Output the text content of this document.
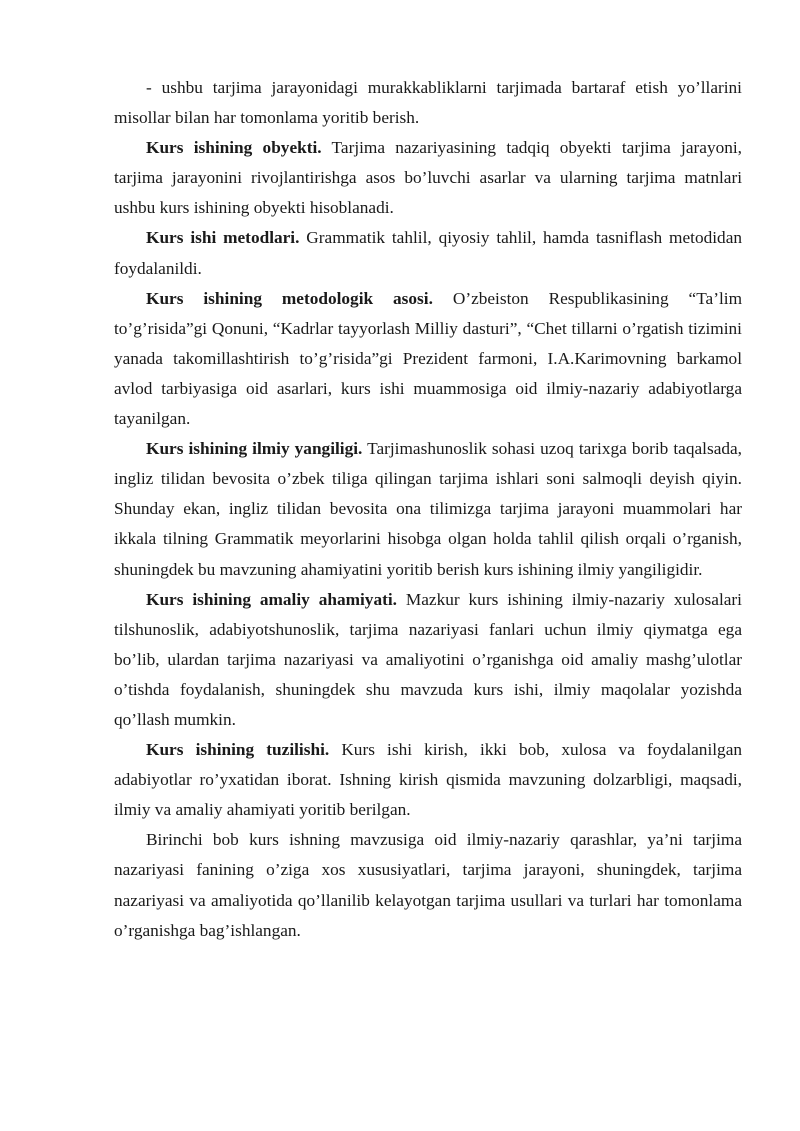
- ushbu tarjima jarayonidagi murakkabliklarni tarjimada bartaraf etish yo’llarini misollar bilan har tomonlama yoritib berish.

Kurs ishining obyekti. Tarjima nazariyasining tadqiq obyekti tarjima jarayoni, tarjima jarayonini rivojlantirishga asos bo’luvchi asarlar va ularning tarjima matnlari ushbu kurs ishining obyekti hisoblanadi.

Kurs ishi metodlari. Grammatik tahlil, qiyosiy tahlil, hamda tasniflash metodidan foydalanildi.

Kurs ishining metodologik asosi. O’zbeiston Respublikasining “Ta’lim to’g’risida”gi Qonuni, “Kadrlar tayyorlash Milliy dasturi”, “Chet tillarni o’rgatish tizimini yanada takomillashtirish to’g’risida”gi Prezident farmoni, I.A.Karimovning barkamol avlod tarbiyasiga oid asarlari, kurs ishi muammosiga oid ilmiy-nazariy adabiyotlarga tayanilgan.

Kurs ishining ilmiy yangiligi. Tarjimashunoslik sohasi uzoq tarixga borib taqalsada, ingliz tilidan bevosita o’zbek tiliga qilingan tarjima ishlari soni salmoqli deyish qiyin. Shunday ekan, ingliz tilidan bevosita ona tilimizga tarjima jarayoni muammolari har ikkala tilning Grammatik meyorlarini hisobga olgan holda tahlil qilish orqali o’rganish, shuningdek bu mavzuning ahamiyatini yoritib berish kurs ishining ilmiy yangiligidir.

Kurs ishining amaliy ahamiyati. Mazkur kurs ishining ilmiy-nazariy xulosalari tilshunoslik, adabiyotshunoslik, tarjima nazariyasi fanlari uchun ilmiy qiymatga ega bo’lib, ulardan tarjima nazariyasi va amaliyotini o’rganishga oid amaliy mashg’ulotlar o’tishda foydalanish, shuningdek shu mavzuda kurs ishi, ilmiy maqolalar yozishda qo’llash mumkin.

Kurs ishining tuzilishi. Kurs ishi kirish, ikki bob, xulosa va foydalanilgan adabiyotlar ro’yxatidan iborat. Ishning kirish qismida mavzuning dolzarbligi, maqsadi, ilmiy va amaliy ahamiyati yoritib berilgan.

Birinchi bob kurs ishning mavzusiga oid ilmiy-nazariy qarashlar, ya’ni tarjima nazariyasi fanining o’ziga xos xususiyatlari, tarjima jarayoni, shuningdek, tarjima nazariyasi va amaliyotida qo’llanilib kelayotgan tarjima usullari va turlari har tomonlama o’rganishga bag’ishlangan.
